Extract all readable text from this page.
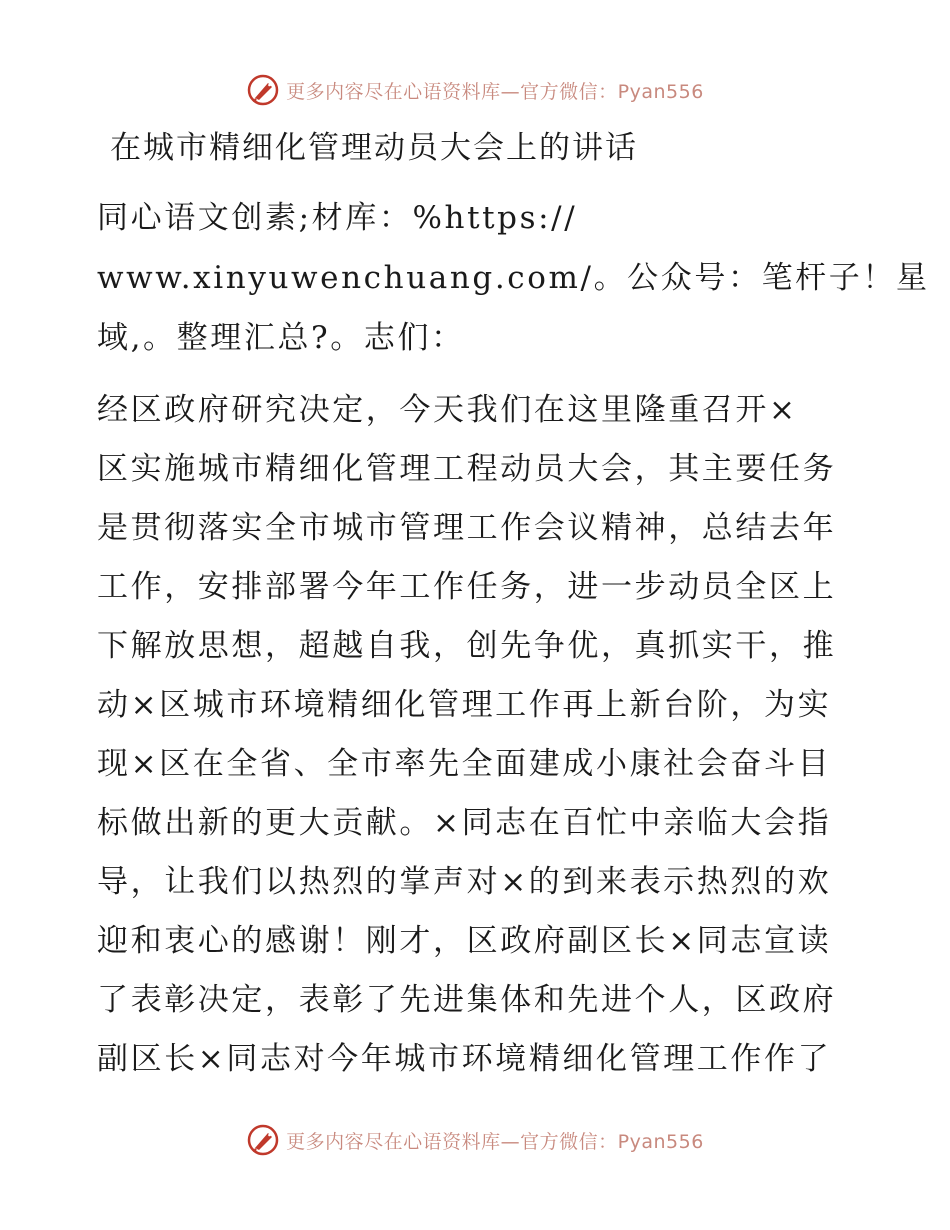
更多内容尽在心语资料库—官方微信：Pyan556
在城市精细化管理动员大会上的讲话
同心语文创素;材库：%https://
www.xinyuwenchuang.com/。公众号：笔杆子！星
域,。整理汇总?。志们：
经区政府研究决定，今天我们在这里隆重召开×
区实施城市精细化管理工程动员大会，其主要任务
是贯彻落实全市城市管理工作会议精神，总结去年
工作，安排部署今年工作任务，进一步动员全区上
下解放思想，超越自我，创先争优，真抓实干，推
动×区城市环境精细化管理工作再上新台阶，为实
现×区在全省、全市率先全面建成小康社会奋斗目
标做出新的更大贡献。×同志在百忙中亲临大会指
导，让我们以热烈的掌声对×的到来表示热烈的欢
迎和衷心的感谢！刚才，区政府副区长×同志宣读
了表彰决定，表彰了先进集体和先进个人，区政府
副区长×同志对今年城市环境精细化管理工作作了
更多内容尽在心语资料库—官方微信：Pyan556
